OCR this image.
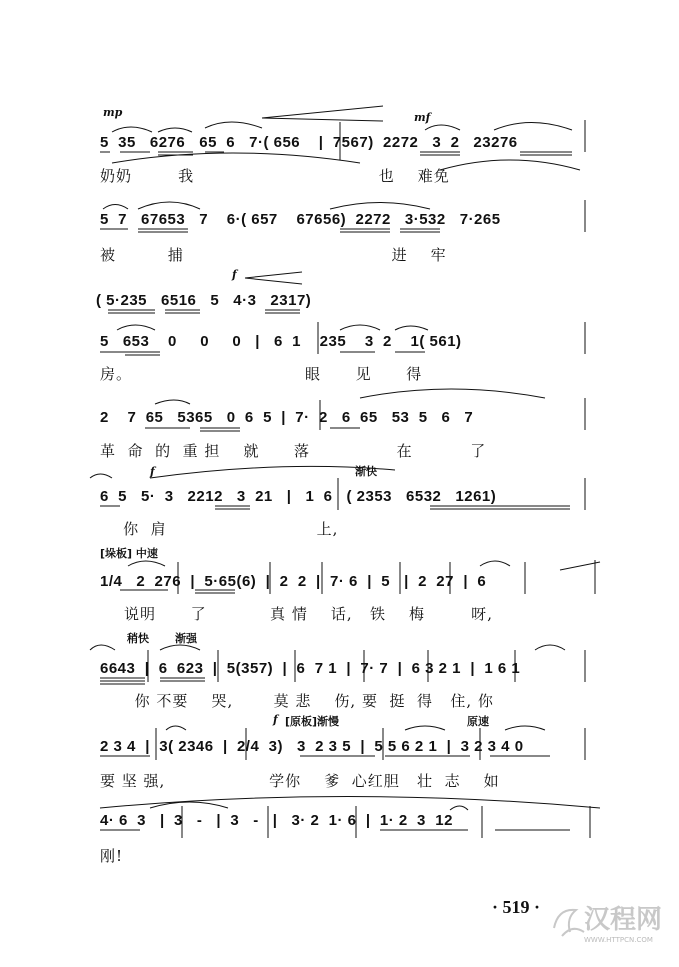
mp	mf
f
渐快
f
[垛板] 中速
稍快 渐强
f [原板]渐慢	原速
5  35   6276   65  6   7·( 656    |  7567)  2272   3  2   23276
奶奶        我                                也    难免
5  7   67653   7    6·( 657    67656)  2272   3·532   7·265
被         捕                                    进    牢
( 5·235   6516   5   4·3   2317)
5   653    0     0     0   |   6  1    235    3  2    1( 561)
房。                              眼      见      得
2    7  65   5365   0  6  5  |  7·  2   6  65   53  5   6   7
革  命  的  重 担    就      落               在          了
6  5   5·  3   2212   3  21   |   1  6   ( 2353   6532   1261)
你  肩                          上,
1/4   2  276  |  5·65(6)  |  2  2  |  7· 6  |  5   |  2  27  |  6
说明      了           真 情    话,   铁    梅        呀,
6643  |  6  623  |  5(357)  |  6  7 1  |  7· 7  |  6 3 2 1  |  1 6 1
你 不要    哭,       莫 悲    伤, 要  挺  得   住, 你
2 3 4  |  3( 2346  |  2/4  3)   3  2 3 5  |  5 5 6 2 1  |  3 2 3 4 0
要 坚 强,                  学你    爹  心红胆   壮  志    如
4· 6  3   |  3   -   |  3   -   |   3· 2  1· 6  |  1· 2  3  12
刚!
· 519 · 汉程网
WWW.HTTPCN.COM
